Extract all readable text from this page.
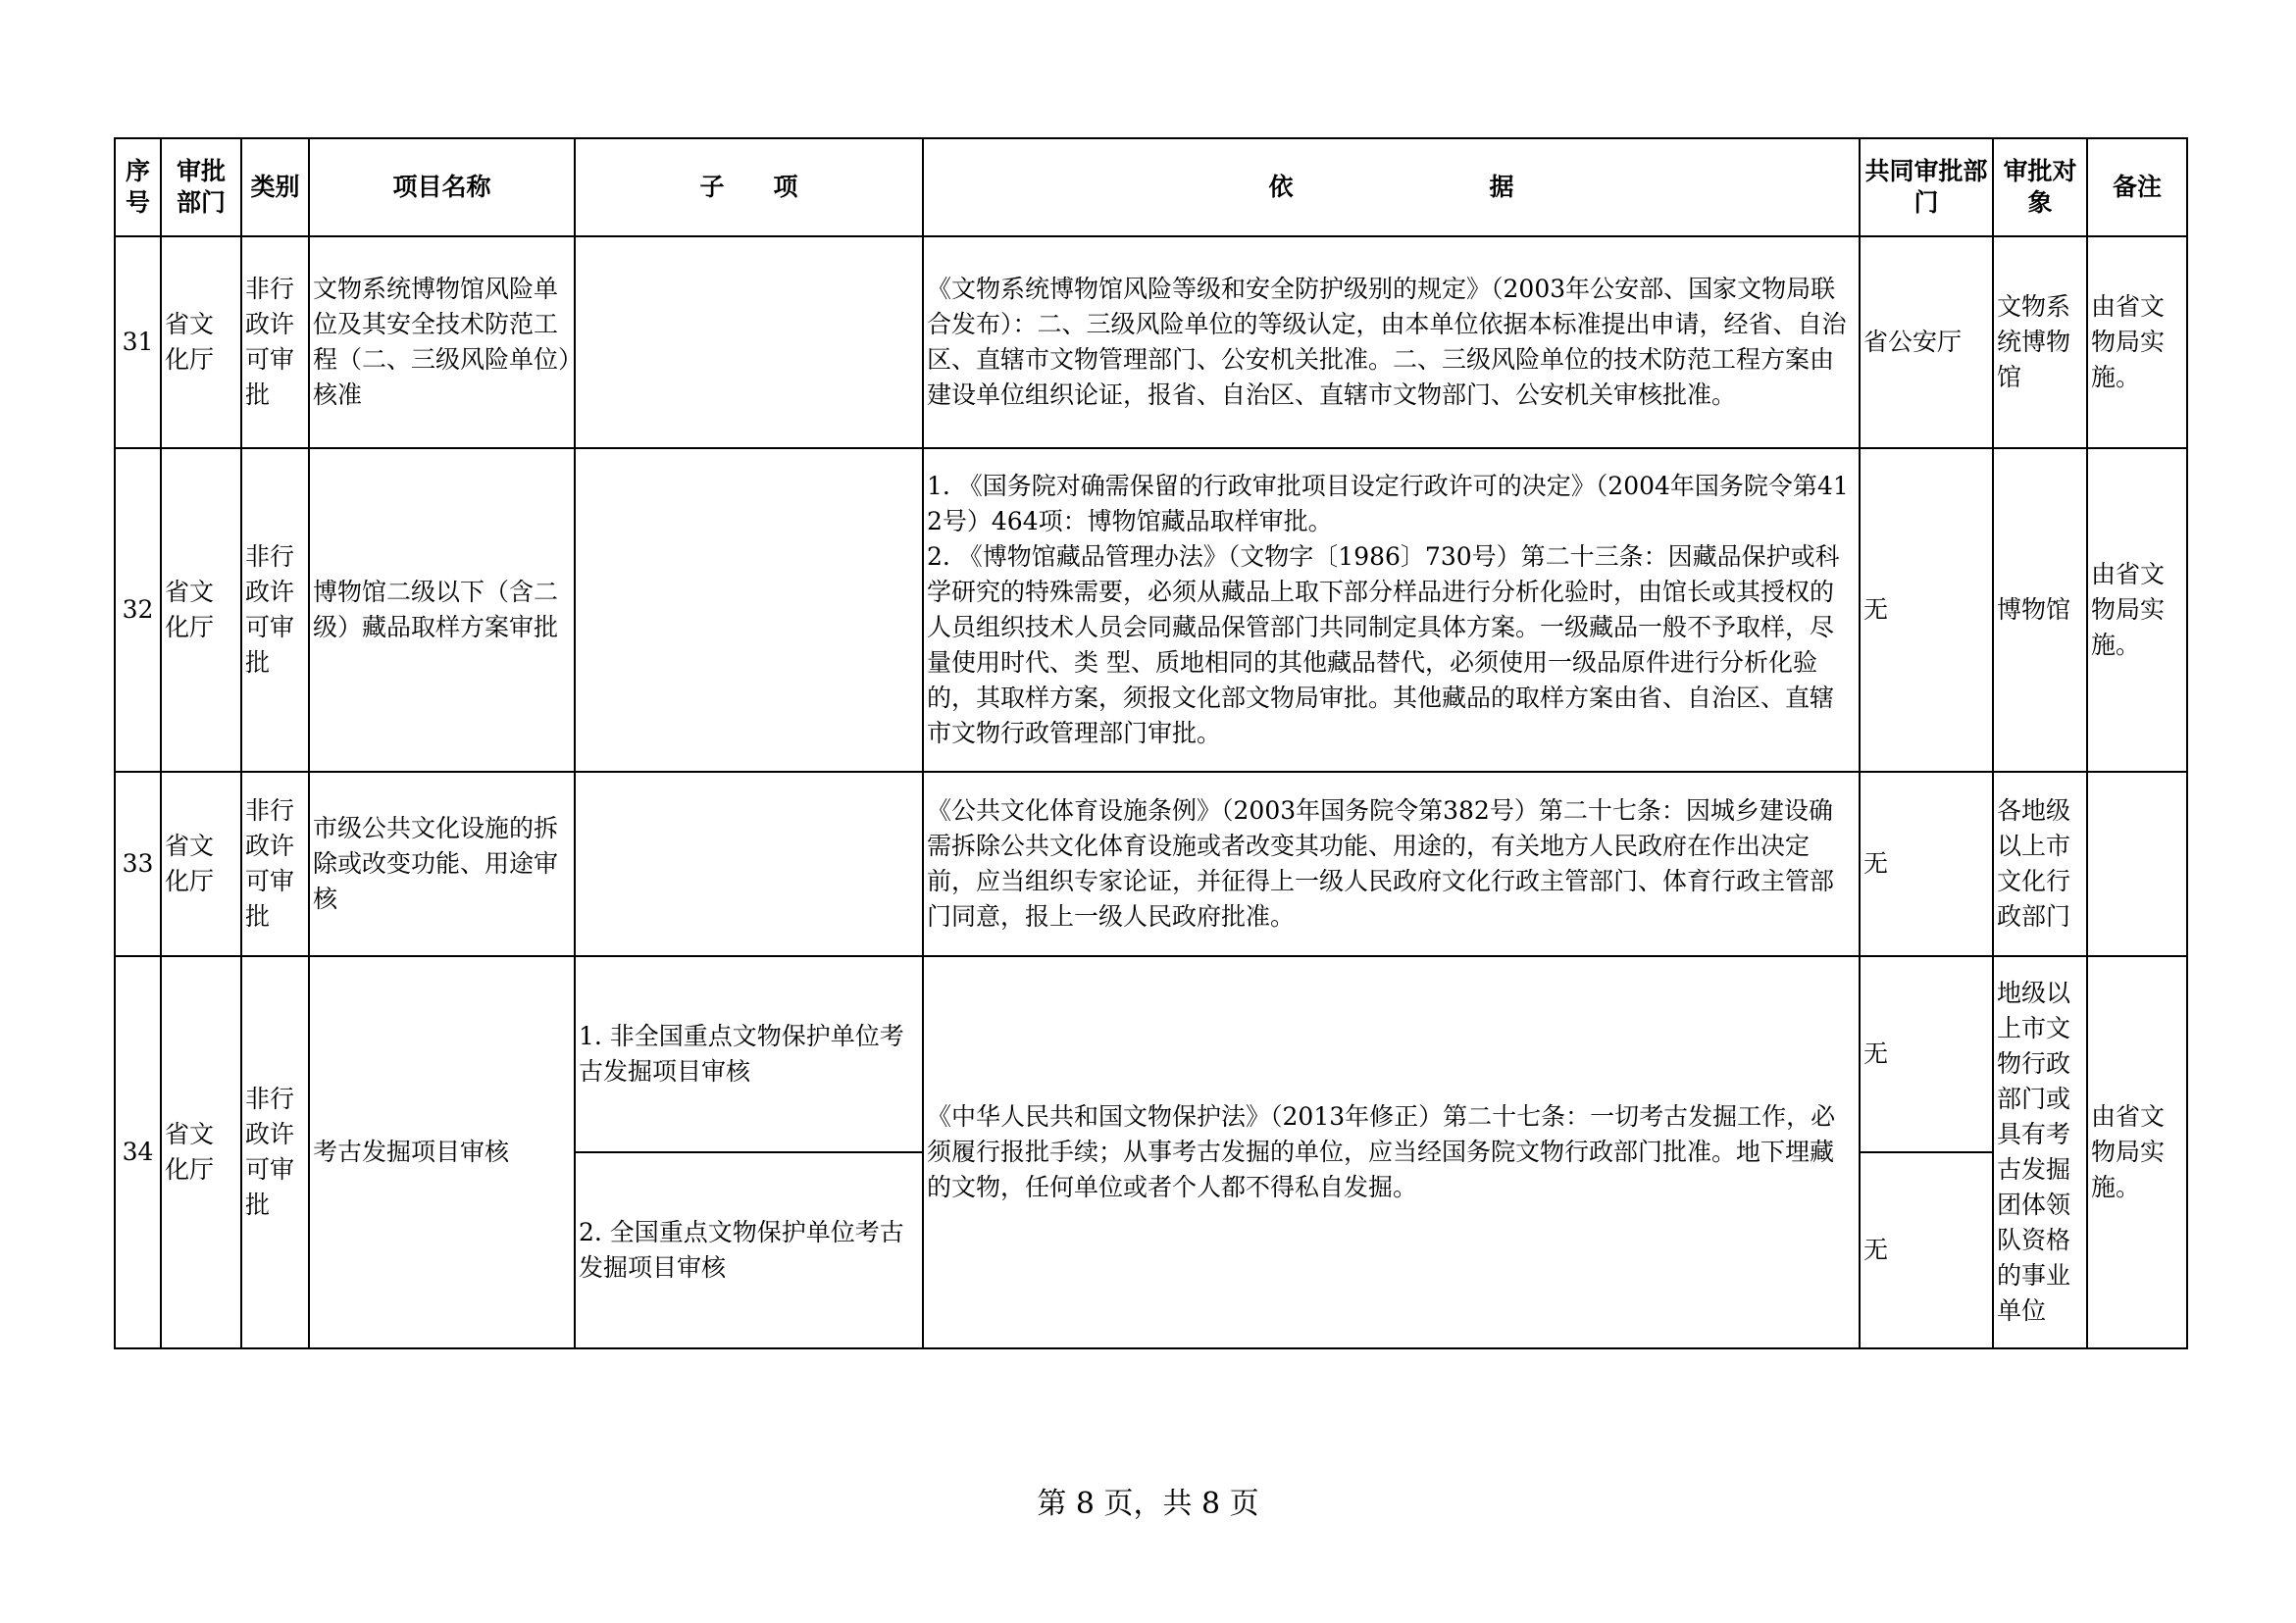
序号	审批部门	类别	项目名称	子　　项	依　　　　　　　　据	共同审批部门	审批对象	备注
31	省文化厅	非行政许可审批	文物系统博物馆风险单位及其安全技术防范工程（二、三级风险单位）核准		《文物系统博物馆风险等级和安全防护级别的规定》（2003年公安部、国家文物局联合发布）：二、三级风险单位的等级认定，由本单位依据本标准提出申请，经省、自治区、直辖市文物管理部门、公安机关批准。二、三级风险单位的技术防范工程方案由建设单位组织论证，报省、自治区、直辖市文物部门、公安机关审核批准。	省公安厅	文物系统博物馆	由省文物局实施。
32	省文化厅	非行政许可审批	博物馆二级以下（含二级）藏品取样方案审批		1. 《国务院对确需保留的行政审批项目设定行政许可的决定》（2004年国务院令第412号）464项：博物馆藏品取样审批。
2. 《博物馆藏品管理办法》（文物字〔1986〕730号）第二十三条：因藏品保护或科学研究的特殊需要，必须从藏品上取下部分样品进行分析化验时，由馆长或其授权的人员组织技术人员会同藏品保管部门共同制定具体方案。一级藏品一般不予取样，尽量使用时代、类 型、质地相同的其他藏品替代，必须使用一级品原件进行分析化验的，其取样方案，须报文化部文物局审批。其他藏品的取样方案由省、自治区、直辖市文物行政管理部门审批。	无	博物馆	由省文物局实施。
33	省文化厅	非行政许可审批	市级公共文化设施的拆除或改变功能、用途审核		《公共文化体育设施条例》（2003年国务院令第382号）第二十七条：因城乡建设确需拆除公共文化体育设施或者改变其功能、用途的，有关地方人民政府在作出决定前，应当组织专家论证，并征得上一级人民政府文化行政主管部门、体育行政主管部门同意，报上一级人民政府批准。	无	各地级以上市文化行政部门	
34	省文化厅	非行政许可审批	考古发掘项目审核	1. 非全国重点文物保护单位考古发掘项目审核	《中华人民共和国文物保护法》（2013年修正）第二十七条：一切考古发掘工作，必须履行报批手续；从事考古发掘的单位，应当经国务院文物行政部门批准。地下埋藏的文物，任何单位或者个人都不得私自发掘。	无	地级以上市文物行政部门或具有考古发掘团体领队资格的事业单位	由省文物局实施。
				2. 全国重点文物保护单位考古发掘项目审核		无		
第 8 页，共 8 页
